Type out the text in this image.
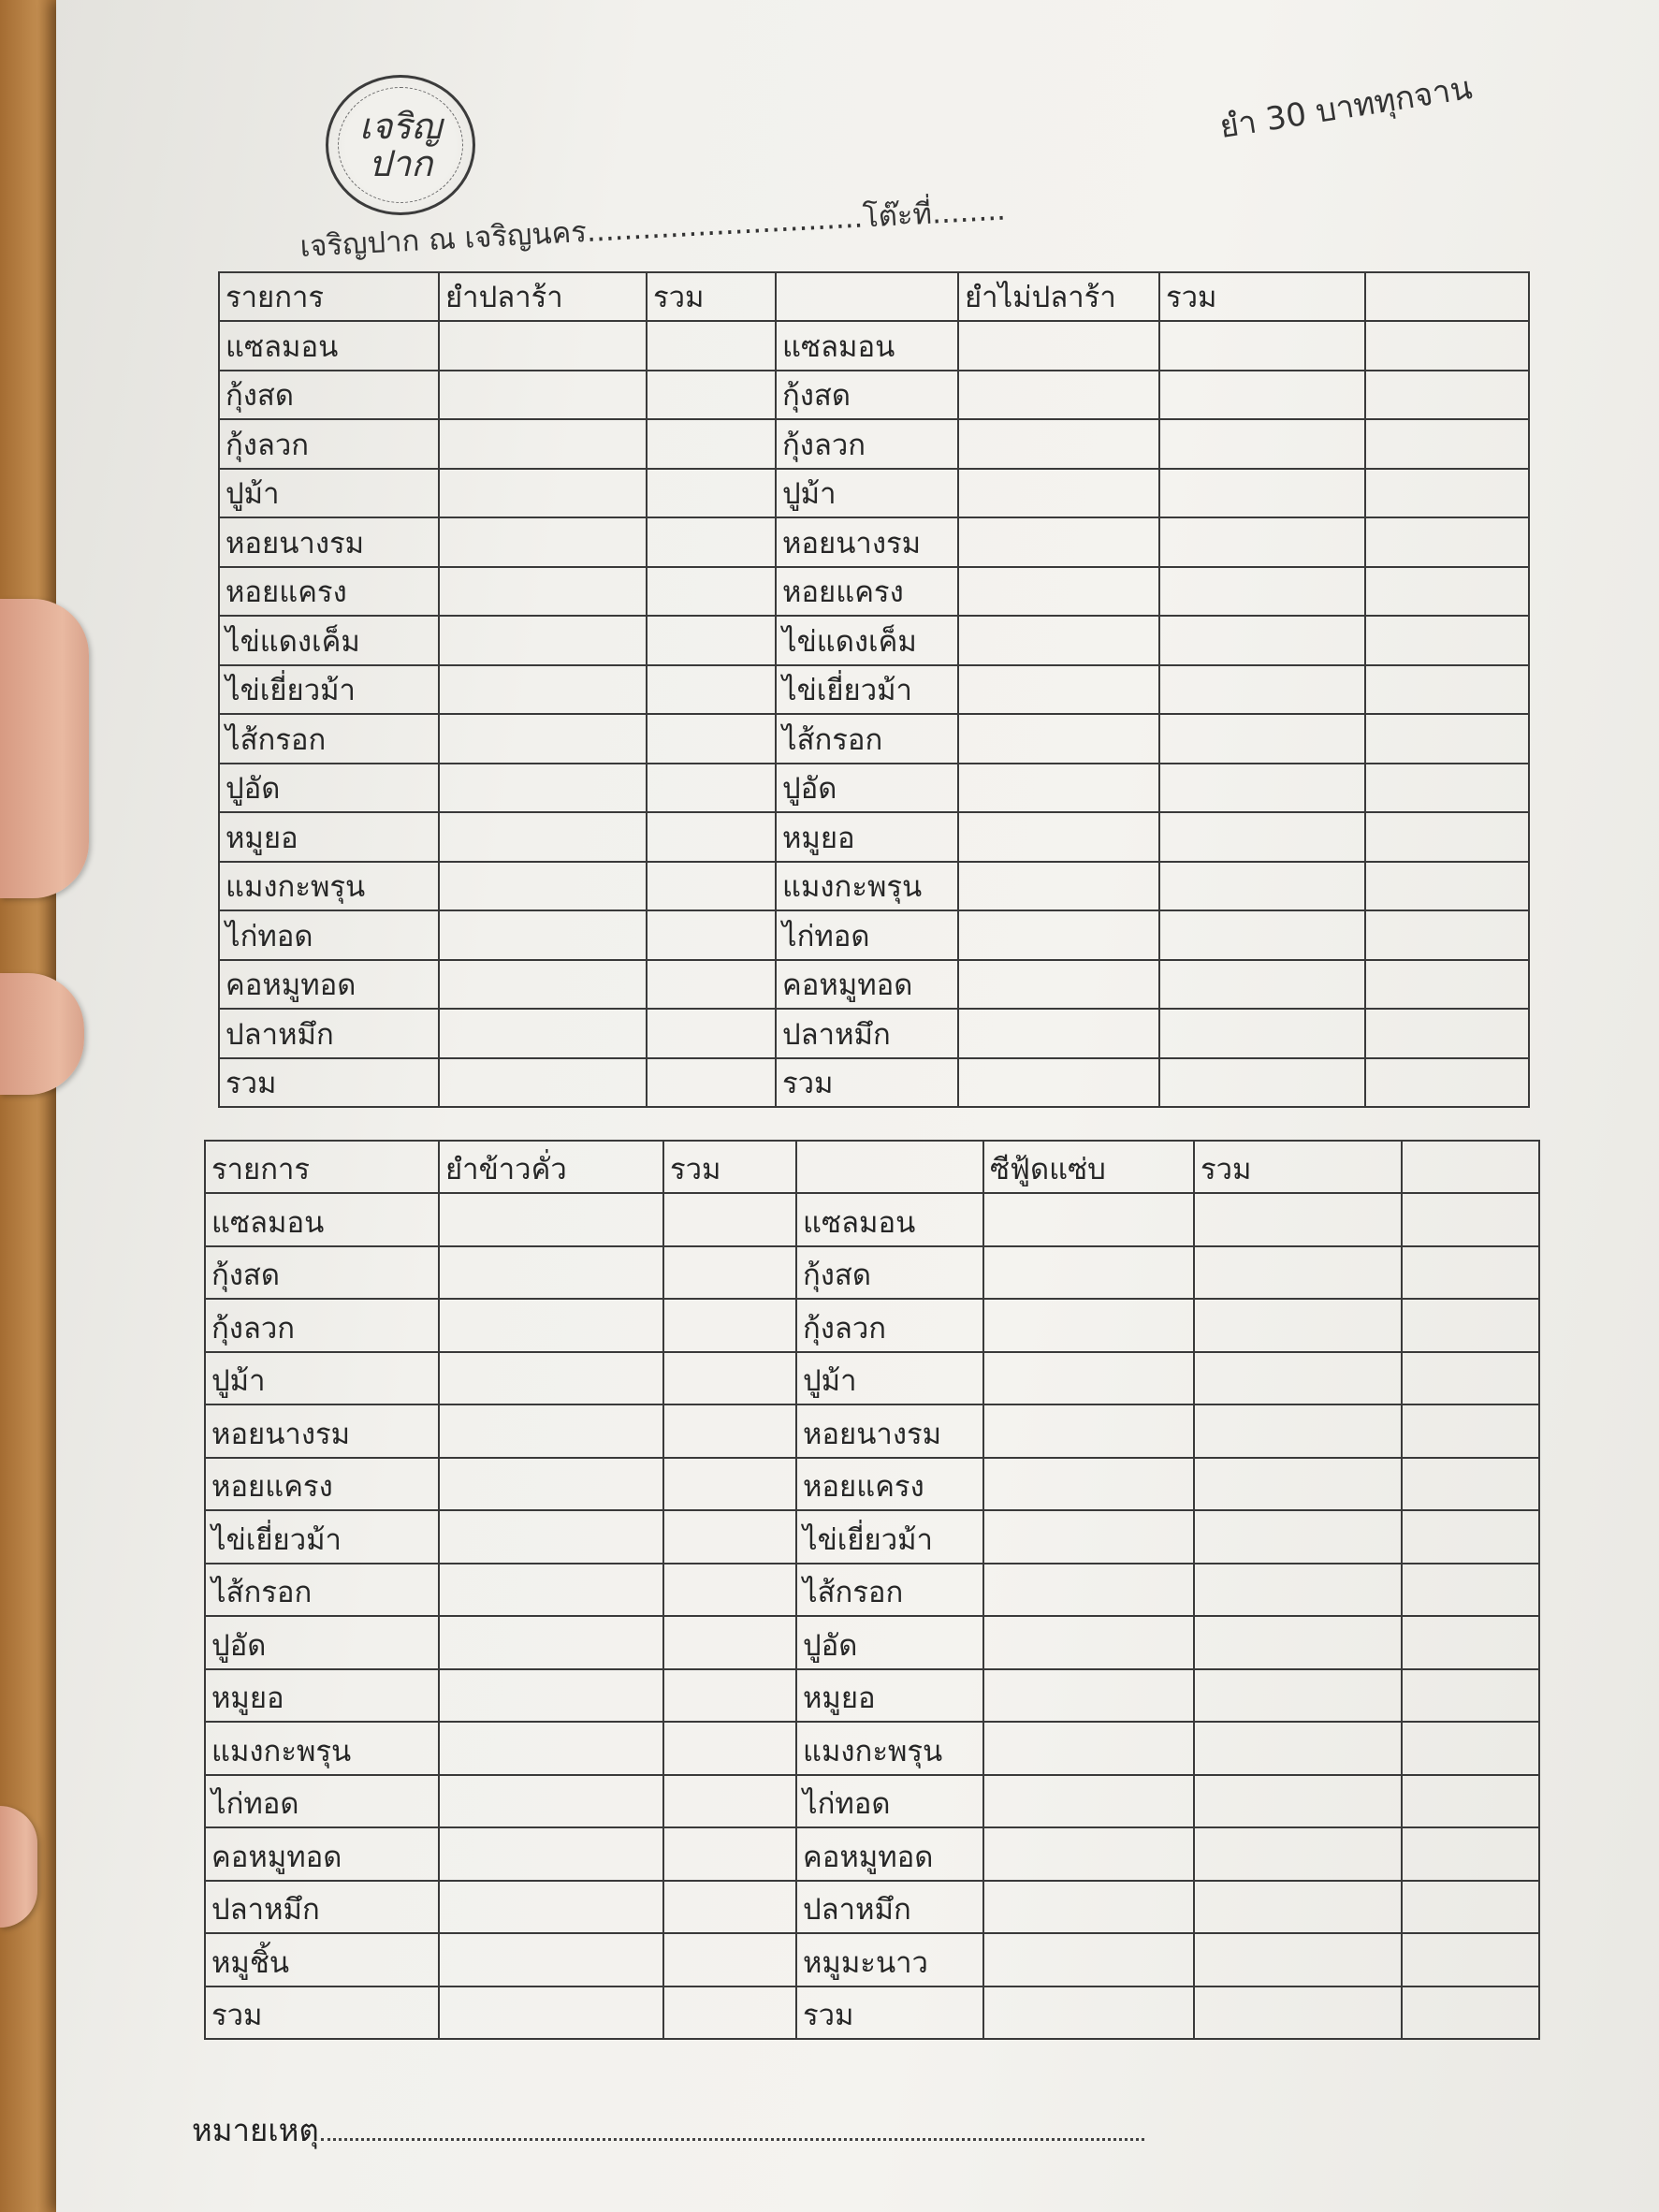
เจริญ
ปาก
ยำ 30 บาททุกจาน
เจริญปาก ณ เจริญนคร..............................โต๊ะที่........
รายการ	ยำปลาร้า	รวม		ยำไม่ปลาร้า	รวม	
แซลมอน			แซลมอน			
กุ้งสด			กุ้งสด			
กุ้งลวก			กุ้งลวก			
ปูม้า			ปูม้า			
หอยนางรม			หอยนางรม			
หอยแครง			หอยแครง			
ไข่แดงเค็ม			ไข่แดงเค็ม			
ไข่เยี่ยวม้า			ไข่เยี่ยวม้า			
ไส้กรอก			ไส้กรอก			
ปูอัด			ปูอัด			
หมูยอ			หมูยอ			
แมงกะพรุน			แมงกะพรุน			
ไก่ทอด			ไก่ทอด			
คอหมูทอด			คอหมูทอด			
ปลาหมึก			ปลาหมึก			
รวม			รวม			
รายการ	ยำข้าวคั่ว	รวม		ซีฟู้ดแซ่บ	รวม	
แซลมอน			แซลมอน			
กุ้งสด			กุ้งสด			
กุ้งลวก			กุ้งลวก			
ปูม้า			ปูม้า			
หอยนางรม			หอยนางรม			
หอยแครง			หอยแครง			
ไข่เยี่ยวม้า			ไข่เยี่ยวม้า			
ไส้กรอก			ไส้กรอก			
ปูอัด			ปูอัด			
หมูยอ			หมูยอ			
แมงกะพรุน			แมงกะพรุน			
ไก่ทอด			ไก่ทอด			
คอหมูทอด			คอหมูทอด			
ปลาหมึก			ปลาหมึก			
หมูชิ้น			หมูมะนาว			
รวม			รวม			
หมายเหตุ
